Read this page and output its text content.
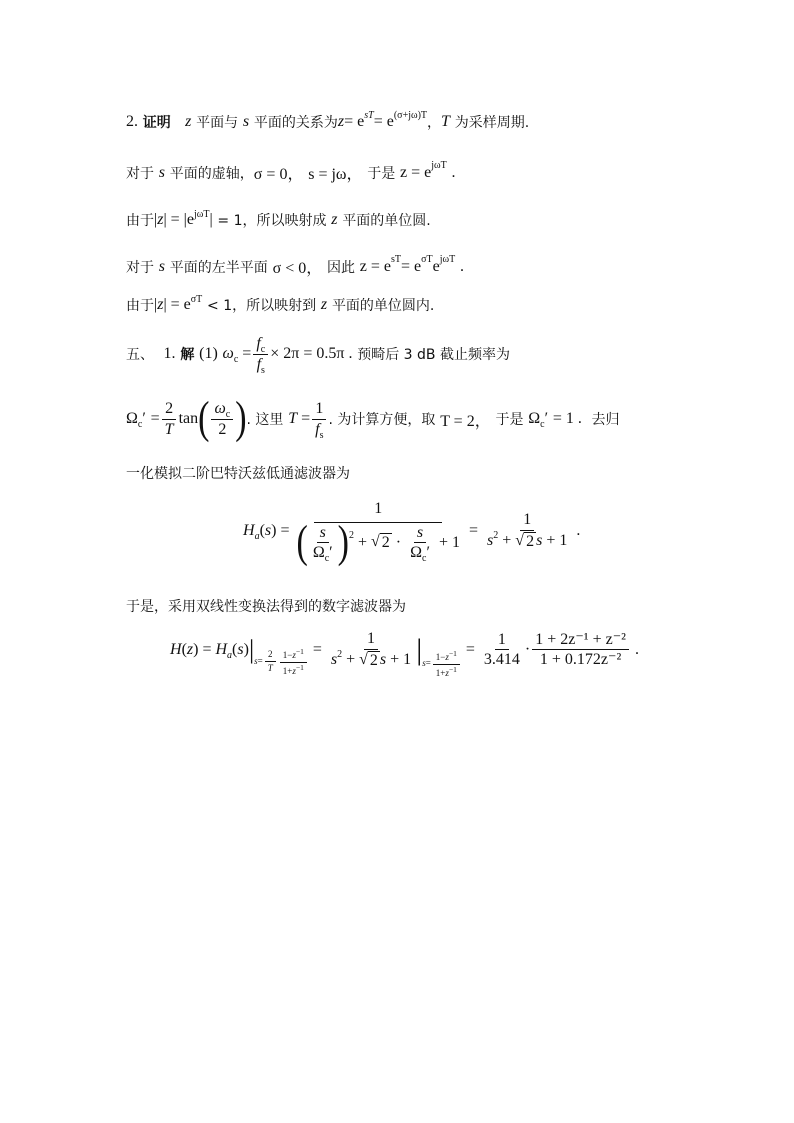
2.
证明
z
平面与
s
平面的关系为 z = e sT = e (σ+jω)T ， T
为采样周期.
对于
s
平面的虚轴， σ = 0，
s = jω，
于是
z = e jωT
.
由于 $|z| = |e^{j\omega T}|$
= 1，所以映射成
z
平面的单位圆.
对于
s
平面的左半平面
σ < 0，
因此
z = e sT = e σT e jωT
.
由于 $|z| = e^{\sigma T}$
< 1，所以映射到
z
平面的单位圆内.
五、
1.
解
(1)
$\omega_c = \frac{f_c}{f_s} \times 2\pi = 0.5\pi$ .
预畸后 3 dB 截止频率为
$\Omega_c'$
= $\frac{2}{T}$ tan ( $\frac{\omega_c}{2}$ ) . 这里
$T = \frac{1}{f_s}$ . 为计算方便，取
T = 2，
于是
$\Omega_c'$
= 1 .
去归
一化模拟二阶巴特沃兹低通滤波器为
$H_a(s) = 1$
( $\frac{s}{\Omega_c'}$ ) 2 + √ $2 \cdot \frac{s}{\Omega_c'}$
+ $1 = \frac{1}{s^2 + √ 2 s + 1}$ .
于是，采用双线性变换法得到的数字滤波器为
$H(z) = H_a(s)$ | $s= \frac{2}{T} \frac{1-z^{-1}}{1+z^{-1}} = \frac{1}{s^2 + √ 2 s + 1}$ | $s= \frac{1-z^{-1}}{1+z^{-1}}$
= $\frac{1}{3.414} \cdot \frac{\text{1 + 2z⁻¹ + z⁻²}}{\text{1 + 0.172z⁻²}}$ .
